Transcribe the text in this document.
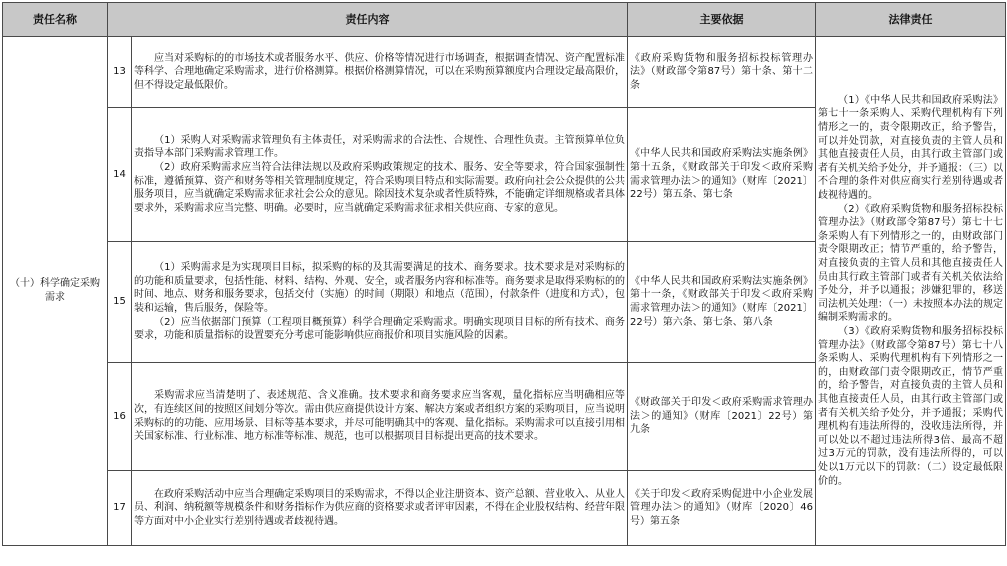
责任名称	责任内容		主要依据	法律责任
（十）科学确定采购需求	13	应当对采购标的的市场技术或者服务水平、供应、价格等情况进行市场调查，根据调查情况、资产配置标准等科学、合理地确定采购需求，进行价格测算。根据价格测算情况，可以在采购预算额度内合理设定最高限价，但不得设定最低限价。	《政府采购货物和服务招标投标管理办法》（财政部令第87号）第十条、第十二条	（1）《中华人民共和国政府采购法》第七十一条采购人、采购代理机构有下列情形之一的，责令限期改正，给予警告，可以并处罚款，对直接负责的主管人员和其他直接责任人员，由其行政主管部门或者有关机关给予处分，并予通报：（三）以不合理的条件对供应商实行差别待遇或者歧视待遇的。

（2）《政府采购货物和服务招标投标管理办法》（财政部令第87号）第七十七条采购人有下列情形之一的，由财政部门责令限期改正；情节严重的，给予警告，对直接负责的主管人员和其他直接责任人员由其行政主管部门或者有关机关依法给予处分，并予以通报；涉嫌犯罪的，移送司法机关处理：（一）未按照本办法的规定编制采购需求的。

（3）《政府采购货物和服务招标投标管理办法》（财政部令第87号）第七十八条采购人、采购代理机构有下列情形之一的，由财政部门责令限期改正，情节严重的，给予警告，对直接负责的主管人员和其他直接责任人员，由其行政主管部门或者有关机关给予处分，并予通报；采购代理机构有违法所得的，没收违法所得，并可以处以不超过违法所得3倍、最高不超过3万元的罚款，没有违法所得的，可以处以1万元以下的罚款：（二）设定最低限价的。

	14	（1）采购人对采购需求管理负有主体责任，对采购需求的合法性、合规性、合理性负责。主管预算单位负责指导本部门采购需求管理工作。

（2）政府采购需求应当符合法律法规以及政府采购政策规定的技术、服务、安全等要求，符合国家强制性标准，遵循预算、资产和财务等相关管理制度规定，符合采购项目特点和实际需要。政府向社会公众提供的公共服务项目，应当就确定采购需求征求社会公众的意见。除因技术复杂或者性质特殊，不能确定详细规格或者具体要求外，采购需求应当完整、明确。必要时，应当就确定采购需求征求相关供应商、专家的意见。	《中华人民共和国政府采购法实施条例》第十五条，《财政部关于印发＜政府采购需求管理办法＞的通知》（财库〔2021〕22号）第五条、第七条	
	15	（1）采购需求是为实现项目目标，拟采购的标的及其需要满足的技术、商务要求。技术要求是对采购标的的功能和质量要求，包括性能、材料、结构、外观、安全，或者服务内容和标准等。商务要求是取得采购标的的时间、地点、财务和服务要求，包括交付（实施）的时间（期限）和地点（范围），付款条件（进度和方式），包装和运输，售后服务，保险等。

（2）应当依据部门预算（工程项目概预算）科学合理确定采购需求。明确实现项目目标的所有技术、商务要求，功能和质量指标的设置要充分考虑可能影响供应商报价和项目实施风险的因素。	《中华人民共和国政府采购法实施条例》第十一条，《财政部关于印发＜政府采购需求管理办法＞的通知》（财库〔2021〕22号）第六条、第七条、第八条	
	16	采购需求应当清楚明了、表述规范、含义准确。技术要求和商务要求应当客观，量化指标应当明确相应等次，有连续区间的按照区间划分等次。需由供应商提供设计方案、解决方案或者组织方案的采购项目，应当说明采购标的的功能、应用场景、目标等基本要求，并尽可能明确其中的客观、量化指标。采购需求可以直接引用相关国家标准、行业标准、地方标准等标准、规范，也可以根据项目目标提出更高的技术要求。	《财政部关于印发＜政府采购需求管理办法＞的通知》（财库〔2021〕22号）第九条	
	17	在政府采购活动中应当合理确定采购项目的采购需求，不得以企业注册资本、资产总额、营业收入、从业人员、利润、纳税额等规模条件和财务指标作为供应商的资格要求或者评审因素，不得在企业股权结构、经营年限等方面对中小企业实行差别待遇或者歧视待遇。	《关于印发＜政府采购促进中小企业发展管理办法＞的通知》（财库〔2020〕46号）第五条	
